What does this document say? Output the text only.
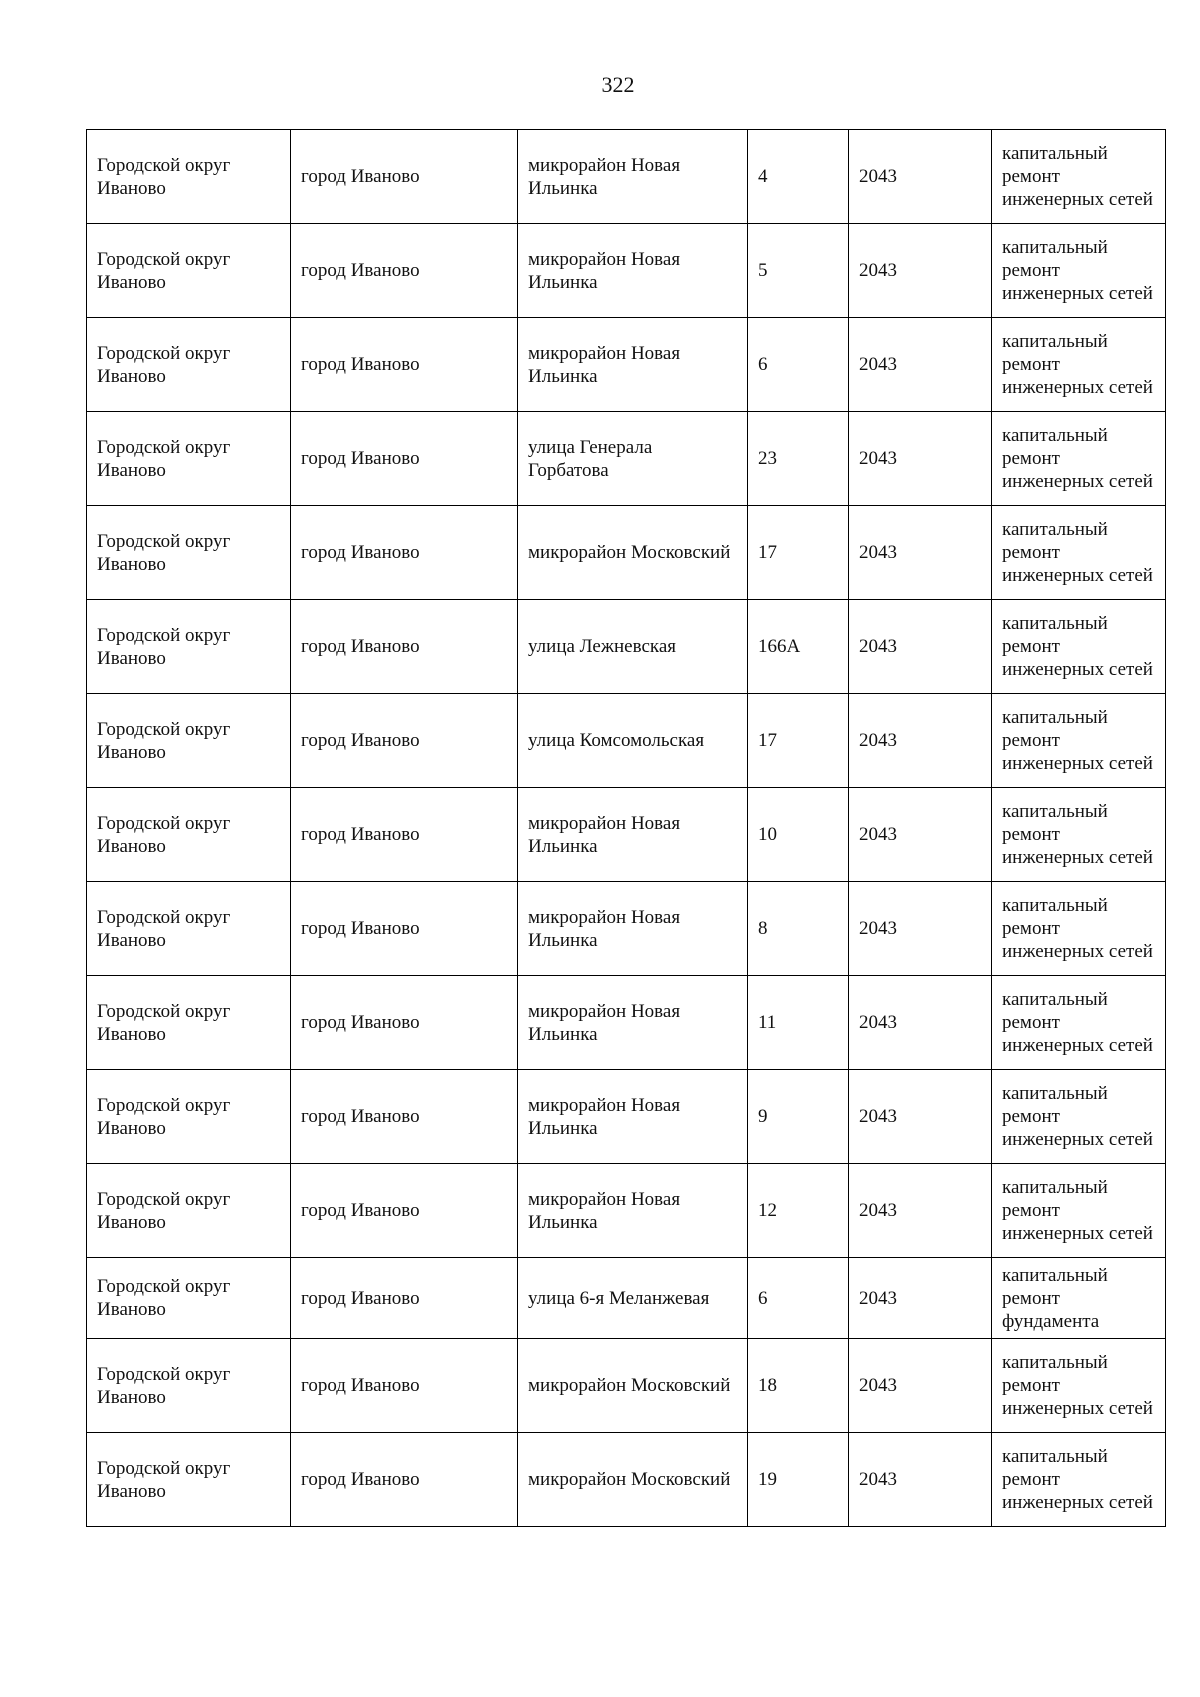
322
Городской округ Иваново	город Иваново	микрорайон Новая Ильинка	4	2043	капитальный ремонт инженерных сетей
Городской округ Иваново	город Иваново	микрорайон Новая Ильинка	5	2043	капитальный ремонт инженерных сетей
Городской округ Иваново	город Иваново	микрорайон Новая Ильинка	6	2043	капитальный ремонт инженерных сетей
Городской округ Иваново	город Иваново	улица Генерала Горбатова	23	2043	капитальный ремонт инженерных сетей
Городской округ Иваново	город Иваново	микрорайон Московский	17	2043	капитальный ремонт инженерных сетей
Городской округ Иваново	город Иваново	улица Лежневская	166А	2043	капитальный ремонт инженерных сетей
Городской округ Иваново	город Иваново	улица Комсомольская	17	2043	капитальный ремонт инженерных сетей
Городской округ Иваново	город Иваново	микрорайон Новая Ильинка	10	2043	капитальный ремонт инженерных сетей
Городской округ Иваново	город Иваново	микрорайон Новая Ильинка	8	2043	капитальный ремонт инженерных сетей
Городской округ Иваново	город Иваново	микрорайон Новая Ильинка	11	2043	капитальный ремонт инженерных сетей
Городской округ Иваново	город Иваново	микрорайон Новая Ильинка	9	2043	капитальный ремонт инженерных сетей
Городской округ Иваново	город Иваново	микрорайон Новая Ильинка	12	2043	капитальный ремонт инженерных сетей
Городской округ Иваново	город Иваново	улица 6-я Меланжевая	6	2043	капитальный ремонт фундамента
Городской округ Иваново	город Иваново	микрорайон Московский	18	2043	капитальный ремонт инженерных сетей
Городской округ Иваново	город Иваново	микрорайон Московский	19	2043	капитальный ремонт инженерных сетей
